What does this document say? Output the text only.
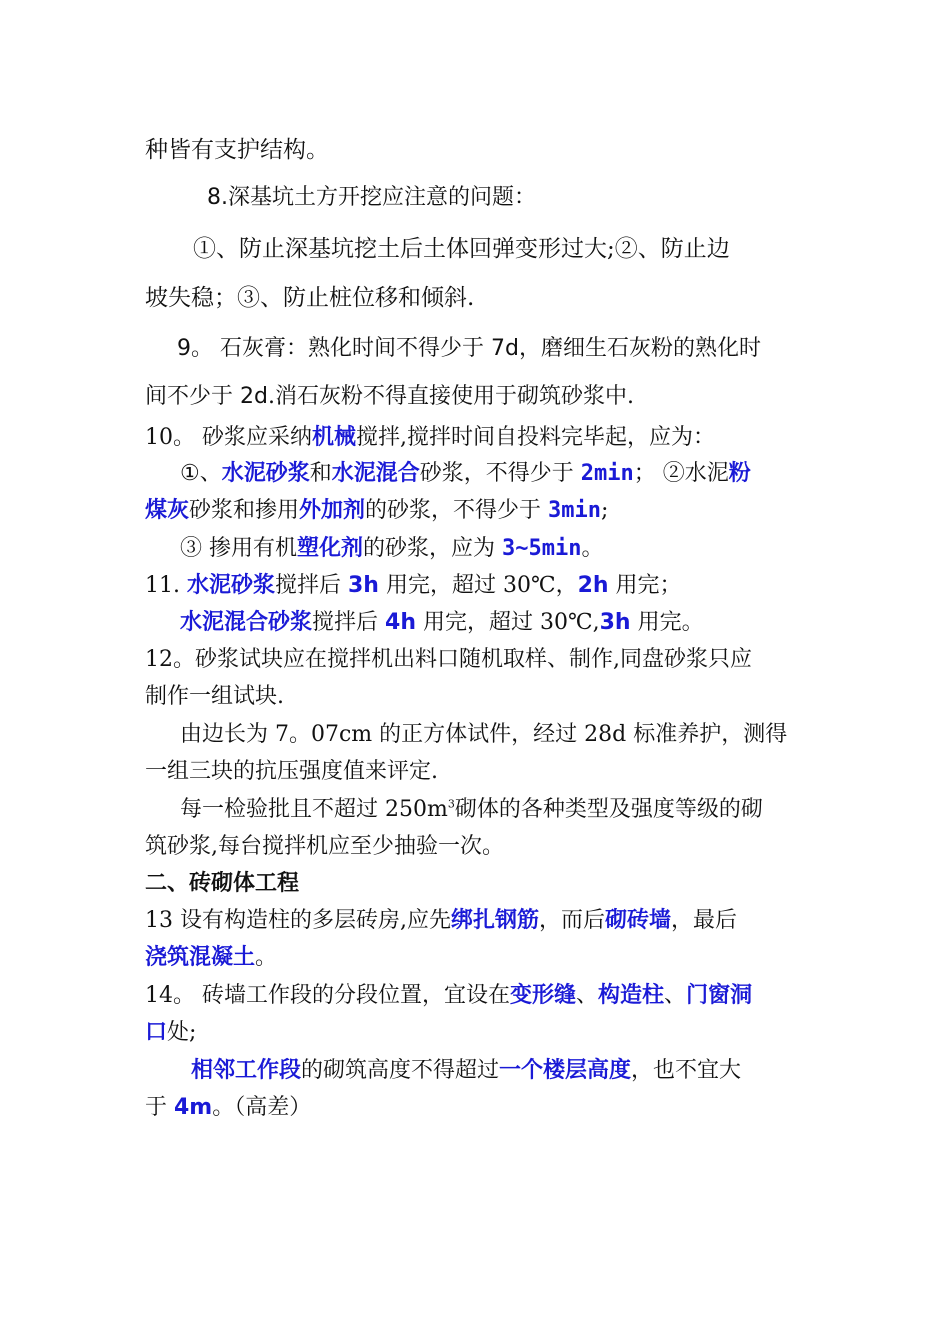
种皆有支护结构。
8.深基坑土方开挖应注意的问题：
①、防止深基坑挖土后土体回弹变形过大;②、防止边
坡失稳；③、防止桩位移和倾斜.
9。 石灰膏：熟化时间不得少于 7d，磨细生石灰粉的熟化时
间不少于 2d.消石灰粉不得直接使用于砌筑砂浆中.
10。 砂浆应采纳机械搅拌,搅拌时间自投料完毕起，应为：
①、水泥砂浆和水泥混合砂浆，不得少于 2min； ②水泥粉
煤灰砂浆和掺用外加剂的砂浆，不得少于 3min;
③ 掺用有机塑化剂的砂浆，应为 3~5min。
11. 水泥砂浆搅拌后 3h 用完，超过 30℃，2h 用完；
水泥混合砂浆搅拌后 4h 用完，超过 30℃,3h 用完。
12。砂浆试块应在搅拌机出料口随机取样、制作,同盘砂浆只应
制作一组试块.
由边长为 7。07cm 的正方体试件，经过 28d 标准养护，测得
一组三块的抗压强度值来评定.
每一检验批且不超过 $250m^3$砌体的各种类型及强度等级的砌
筑砂浆,每台搅拌机应至少抽验一次。
二、砖砌体工程
13 设有构造柱的多层砖房,应先绑扎钢筋，而后砌砖墙，最后
浇筑混凝土。
14。 砖墙工作段的分段位置，宜设在变形缝、构造柱、门窗洞
口处;
相邻工作段的砌筑高度不得超过一个楼层高度，也不宜大
于 4m。（高差）
